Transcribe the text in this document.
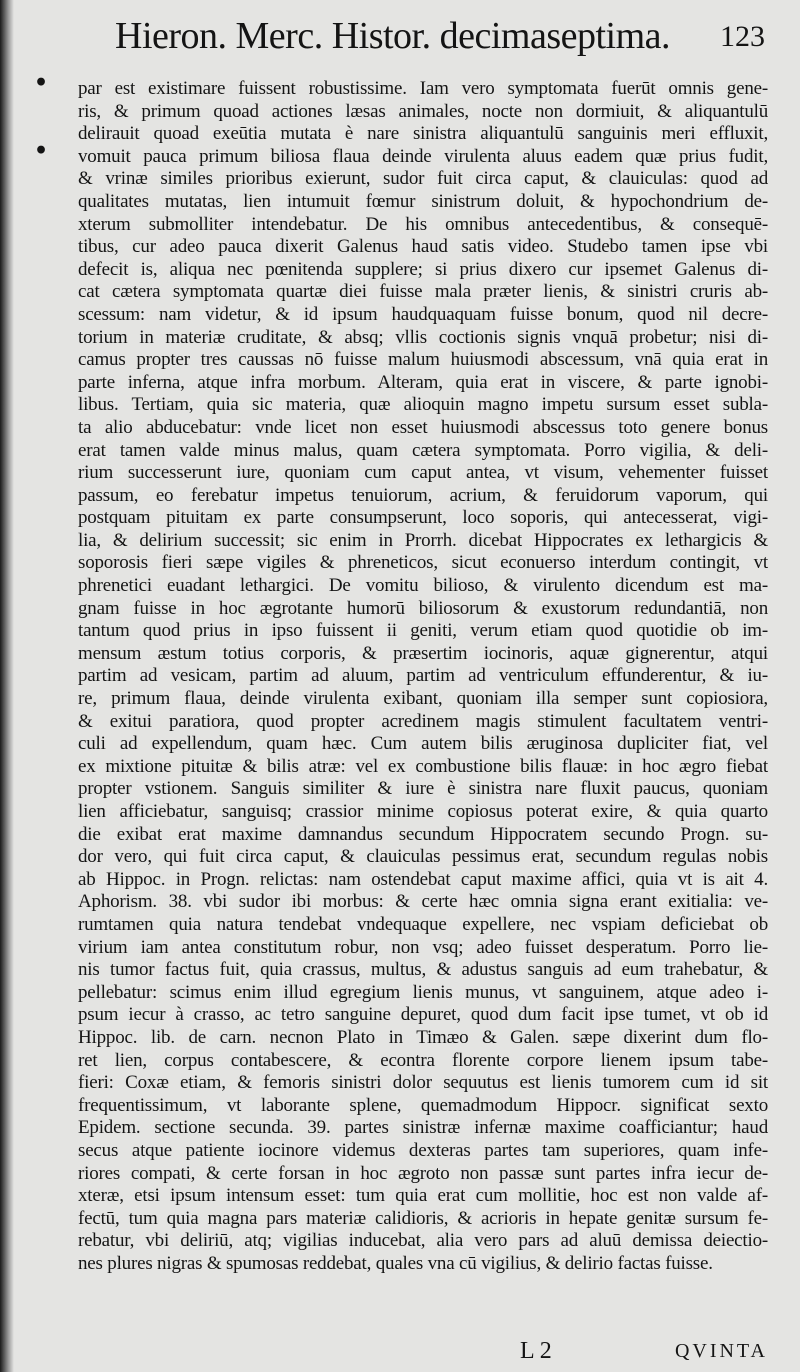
Hieron. Merc. Histor. decimaseptima. 123
•
•
par est existimare fuissent robustissime. Iam vero symptomata fuerūt omnis gene-
ris, & primum quoad actiones læsas animales, nocte non dormiuit, & aliquantulū
delirauit quoad exeūtia mutata è nare sinistra aliquantulū sanguinis meri effluxit,
vomuit pauca primum biliosa flaua deinde virulenta aluus eadem quæ prius fudit,
& vrinæ similes prioribus exierunt, sudor fuit circa caput, & clauiculas: quod ad
qualitates mutatas, lien intumuit fœmur sinistrum doluit, & hypochondrium de-
xterum submolliter intendebatur. De his omnibus antecedentibus, & consequē-
tibus, cur adeo pauca dixerit Galenus haud satis video. Studebo tamen ipse vbi
defecit is, aliqua nec pœnitenda supplere; si prius dixero cur ipsemet Galenus di-
cat cætera symptomata quartæ diei fuisse mala præter lienis, & sinistri cruris ab-
scessum: nam videtur, & id ipsum haudquaquam fuisse bonum, quod nil decre-
torium in materiæ cruditate, & absq; vllis coctionis signis vnquā probetur; nisi di-
camus propter tres caussas nō fuisse malum huiusmodi abscessum, vnā quia erat in
parte inferna, atque infra morbum. Alteram, quia erat in viscere, & parte ignobi-
libus. Tertiam, quia sic materia, quæ alioquin magno impetu sursum esset subla-
ta alio abducebatur: vnde licet non esset huiusmodi abscessus toto genere bonus
erat tamen valde minus malus, quam cætera symptomata. Porro vigilia, & deli-
rium successerunt iure, quoniam cum caput antea, vt visum, vehementer fuisset
passum, eo ferebatur impetus tenuiorum, acrium, & feruidorum vaporum, qui
postquam pituitam ex parte consumpserunt, loco soporis, qui antecesserat, vigi-
lia, & delirium successit; sic enim in Prorrh. dicebat Hippocrates ex lethargicis &
soporosis fieri sæpe vigiles & phreneticos, sicut econuerso interdum contingit, vt
phrenetici euadant lethargici. De vomitu bilioso, & virulento dicendum est ma-
gnam fuisse in hoc ægrotante humorū biliosorum & exustorum redundantiā, non
tantum quod prius in ipso fuissent ii geniti, verum etiam quod quotidie ob im-
mensum æstum totius corporis, & præsertim iocinoris, aquæ gignerentur, atqui
partim ad vesicam, partim ad aluum, partim ad ventriculum effunderentur, & iu-
re, primum flaua, deinde virulenta exibant, quoniam illa semper sunt copiosiora,
& exitui paratiora, quod propter acredinem magis stimulent facultatem ventri-
culi ad expellendum, quam hæc. Cum autem bilis æruginosa dupliciter fiat, vel
ex mixtione pituitæ & bilis atræ: vel ex combustione bilis flauæ: in hoc ægro fiebat
propter vstionem. Sanguis similiter & iure è sinistra nare fluxit paucus, quoniam
lien afficiebatur, sanguisq; crassior minime copiosus poterat exire, & quia quarto
die exibat erat maxime damnandus secundum Hippocratem secundo Progn. su-
dor vero, qui fuit circa caput, & clauiculas pessimus erat, secundum regulas nobis
ab Hippoc. in Progn. relictas: nam ostendebat caput maxime affici, quia vt is ait 4.
Aphorism. 38. vbi sudor ibi morbus: & certe hæc omnia signa erant exitialia: ve-
rumtamen quia natura tendebat vndequaque expellere, nec vspiam deficiebat ob
virium iam antea constitutum robur, non vsq; adeo fuisset desperatum. Porro lie-
nis tumor factus fuit, quia crassus, multus, & adustus sanguis ad eum trahebatur, &
pellebatur: scimus enim illud egregium lienis munus, vt sanguinem, atque adeo i-
psum iecur à crasso, ac tetro sanguine depuret, quod dum facit ipse tumet, vt ob id
Hippoc. lib. de carn. necnon Plato in Timæo & Galen. sæpe dixerint dum flo-
ret lien, corpus contabescere, & econtra florente corpore lienem ipsum tabe-
fieri: Coxæ etiam, & femoris sinistri dolor sequutus est lienis tumorem cum id sit
frequentissimum, vt laborante splene, quemadmodum Hippocr. significat sexto
Epidem. sectione secunda. 39. partes sinistræ infernæ maxime coafficiantur; haud
secus atque patiente iocinore videmus dexteras partes tam superiores, quam infe-
riores compati, & certe forsan in hoc ægroto non passæ sunt partes infra iecur de-
xteræ, etsi ipsum intensum esset: tum quia erat cum mollitie, hoc est non valde af-
fectū, tum quia magna pars materiæ calidioris, & acrioris in hepate genitæ sursum fe-
rebatur, vbi deliriū, atq; vigilias inducebat, alia vero pars ad aluū demissa deiectio-
nes plures nigras & spumosas reddebat, quales vna cū vigilius, & delirio factas fuisse.
L 2	QVINTA
